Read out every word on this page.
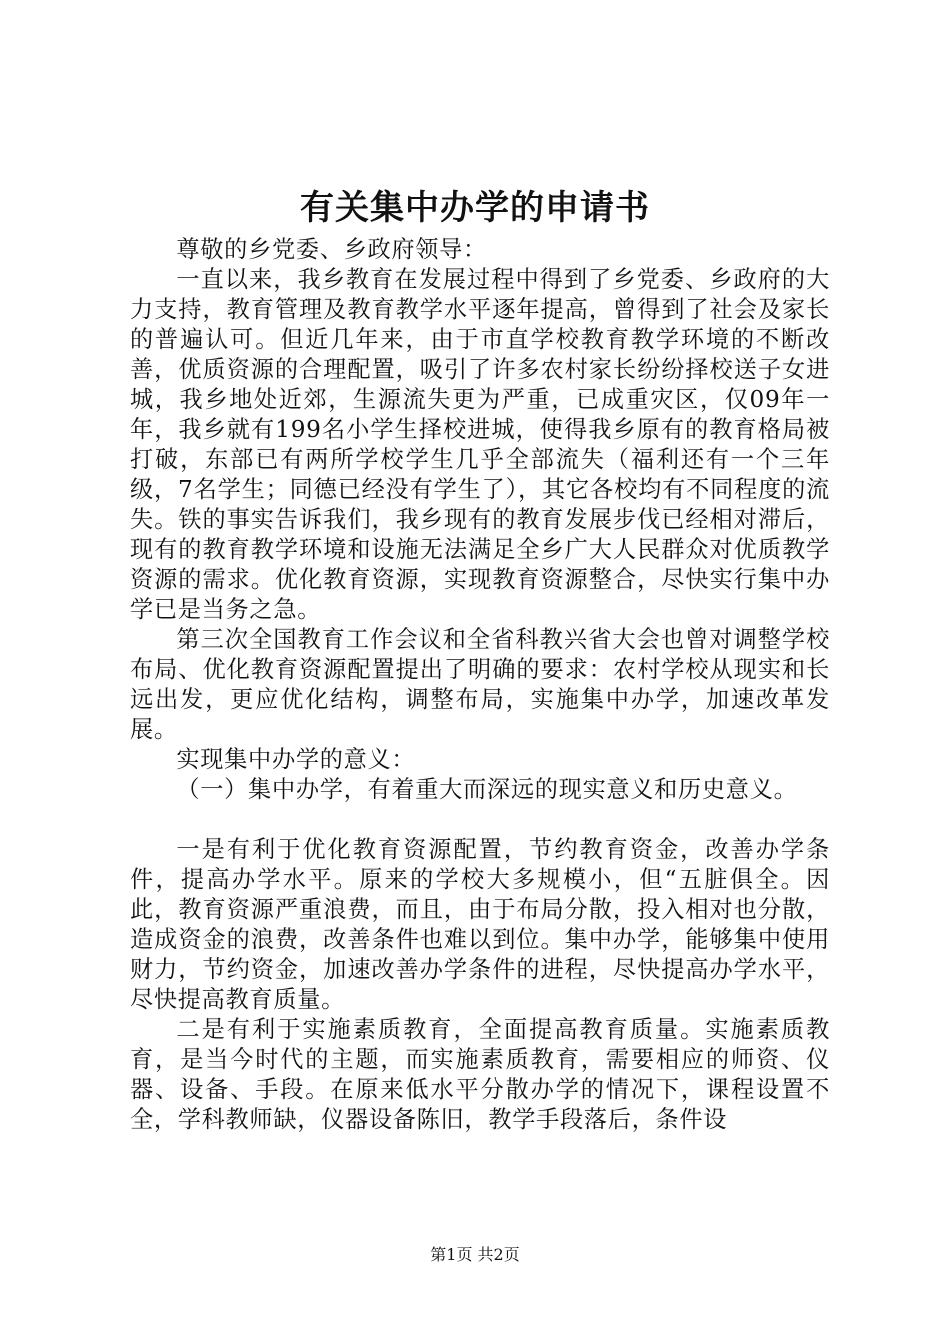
有关集中办学的申请书

尊敬的乡党委、乡政府领导：

一直以来，我乡教育在发展过程中得到了乡党委、乡政府的大力支持，教育管理及教育教学水平逐年提高，曾得到了社会及家长的普遍认可。但近几年来，由于市直学校教育教学环境的不断改善，优质资源的合理配置，吸引了许多农村家长纷纷择校送子女进城，我乡地处近郊，生源流失更为严重，已成重灾区，仅09年一年，我乡就有199名小学生择校进城，使得我乡原有的教育格局被打破，东部已有两所学校学生几乎全部流失（福利还有一个三年级，7名学生；同德已经没有学生了），其它各校均有不同程度的流失。铁的事实告诉我们，我乡现有的教育发展步伐已经相对滞后，现有的教育教学环境和设施无法满足全乡广大人民群众对优质教学资源的需求。优化教育资源，实现教育资源整合，尽快实行集中办学已是当务之急。

第三次全国教育工作会议和全省科教兴省大会也曾对调整学校布局、优化教育资源配置提出了明确的要求：农村学校从现实和长远出发，更应优化结构，调整布局，实施集中办学，加速改革发展。

实现集中办学的意义：

（一）集中办学，有着重大而深远的现实意义和历史意义。

一是有利于优化教育资源配置，节约教育资金，改善办学条件，提高办学水平。原来的学校大多规模小，但“五脏俱全。因此，教育资源严重浪费，而且，由于布局分散，投入相对也分散，造成资金的浪费，改善条件也难以到位。集中办学，能够集中使用财力，节约资金，加速改善办学条件的进程，尽快提高办学水平，尽快提高教育质量。

二是有利于实施素质教育，全面提高教育质量。实施素质教育，是当今时代的主题，而实施素质教育，需要相应的师资、仪器、设备、手段。在原来低水平分散办学的情况下，课程设置不全，学科教师缺，仪器设备陈旧，教学手段落后，条件设

第1页 共2页
